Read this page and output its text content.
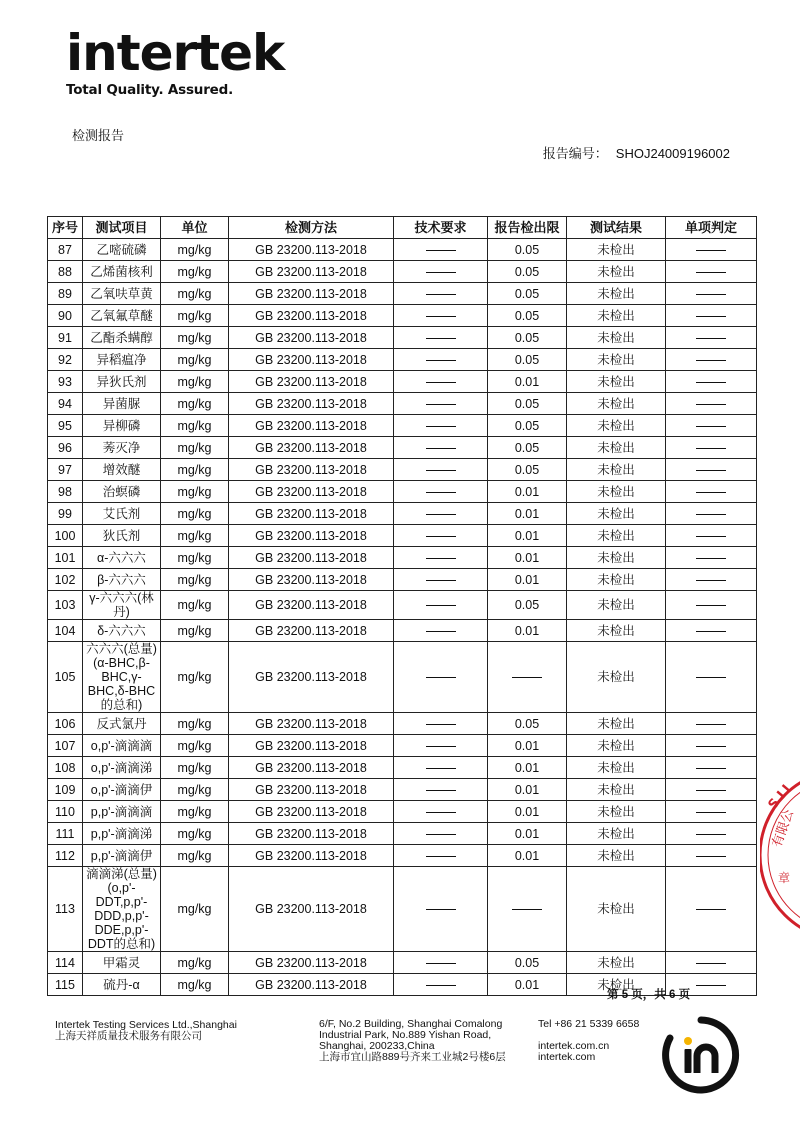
intertek
Total Quality. Assured.
检测报告
报告编号： SHOJ24009196002
序号	测试项目	单位	检测方法	技术要求	报告检出限	测试结果	单项判定
87	乙嘧硫磷	mg/kg	GB 23200.113-2018		0.05	未检出	
88	乙烯菌核利	mg/kg	GB 23200.113-2018		0.05	未检出	
89	乙氧呋草黄	mg/kg	GB 23200.113-2018		0.05	未检出	
90	乙氧氟草醚	mg/kg	GB 23200.113-2018		0.05	未检出	
91	乙酯杀螨醇	mg/kg	GB 23200.113-2018		0.05	未检出	
92	异稻瘟净	mg/kg	GB 23200.113-2018		0.05	未检出	
93	异狄氏剂	mg/kg	GB 23200.113-2018		0.01	未检出	
94	异菌脲	mg/kg	GB 23200.113-2018		0.05	未检出	
95	异柳磷	mg/kg	GB 23200.113-2018		0.05	未检出	
96	莠灭净	mg/kg	GB 23200.113-2018		0.05	未检出	
97	增效醚	mg/kg	GB 23200.113-2018		0.05	未检出	
98	治螟磷	mg/kg	GB 23200.113-2018		0.01	未检出	
99	艾氏剂	mg/kg	GB 23200.113-2018		0.01	未检出	
100	狄氏剂	mg/kg	GB 23200.113-2018		0.01	未检出	
101	α-六六六	mg/kg	GB 23200.113-2018		0.01	未检出	
102	β-六六六	mg/kg	GB 23200.113-2018		0.01	未检出	
103	γ-六六六(林丹)	mg/kg	GB 23200.113-2018		0.05	未检出	
104	δ-六六六	mg/kg	GB 23200.113-2018		0.01	未检出	
105	六六六(总量)(α-BHC,β-BHC,γ-BHC,δ-BHC的总和)	mg/kg	GB 23200.113-2018			未检出	
106	反式氯丹	mg/kg	GB 23200.113-2018		0.05	未检出	
107	o,p'-滴滴滴	mg/kg	GB 23200.113-2018		0.01	未检出	
108	o,p'-滴滴涕	mg/kg	GB 23200.113-2018		0.01	未检出	
109	o,p'-滴滴伊	mg/kg	GB 23200.113-2018		0.01	未检出	
110	p,p'-滴滴滴	mg/kg	GB 23200.113-2018		0.01	未检出	
111	p,p'-滴滴涕	mg/kg	GB 23200.113-2018		0.01	未检出	
112	p,p'-滴滴伊	mg/kg	GB 23200.113-2018		0.01	未检出	
113	滴滴涕(总量)(o,p'-DDT,p,p'-DDD,p,p'-DDE,p,p'-DDT的总和)	mg/kg	GB 23200.113-2018			未检出	
114	甲霜灵	mg/kg	GB 23200.113-2018		0.05	未检出	
115	硫丹-α	mg/kg	GB 23200.113-2018		0.01	未检出	
第 5 页，共 6 页
Intertek Testing Services Ltd.,Shanghai
上海天祥质量技术服务有限公司
6/F, No.2 Building, Shanghai Comalong
Industrial Park, No.889 Yishan Road,
Shanghai, 200233,China
上海市宜山路889号齐来工业城2号楼6层
Tel +86 21 5339 6658
intertek.com.cn
intertek.com
S LI
有限公
章
